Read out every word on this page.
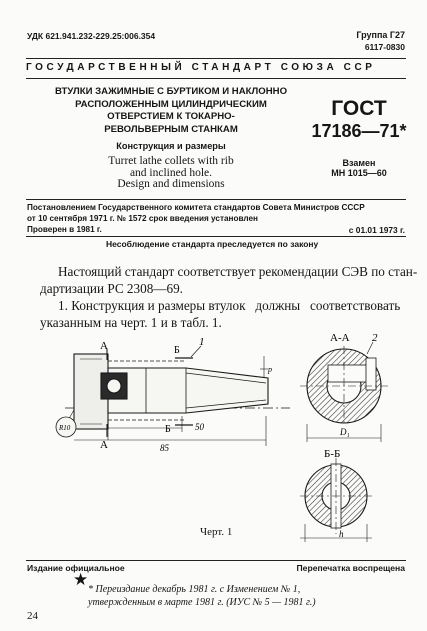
УДК 621.941.232-229.25:006.354	Группа Г27
6117-0830
ГОСУДАРСТВЕННЫЙ СТАНДАРТ СОЮЗА ССР
ВТУЛКИ ЗАЖИМНЫЕ С БУРТИКОМ И НАКЛОННО
РАСПОЛОЖЕННЫМ ЦИЛИНДРИЧЕСКИМ
ОТВЕРСТИЕМ К ТОКАРНО-
РЕВОЛЬВЕРНЫМ СТАНКАМ
Конструкция и размеры
Turret lathe collets with rib
and inclined hole.
Design and dimensions
ГОСТ
17186—71*
Взамен
МН 1015—60
Постановлением Государственного комитета стандартов Совета Министров СССР
от 10 сентября 1971 г. № 1572 срок введения установлен
Проверен в 1981 г.	с 01.01 1973 г.
Несоблюдение стандарта преследуется по закону
Настоящий стандарт соответствует рекомендации СЭВ по стан-
дартизации РС 2308—69.
1. Конструкция и размеры втулок   должны   соответствовать
указанным на черт. 1 и в табл. 1.
А
А
Б
Б
1
50
85
p
R10
А-А 2
D₁
Б-Б
h
Черт. 1
Издание официальное	Перепечатка воспрещена
★
* Переиздание декабрь 1981 г. с Изменением № 1,
утвержденным в марте 1981 г. (ИУС № 5 — 1981 г.)
24
